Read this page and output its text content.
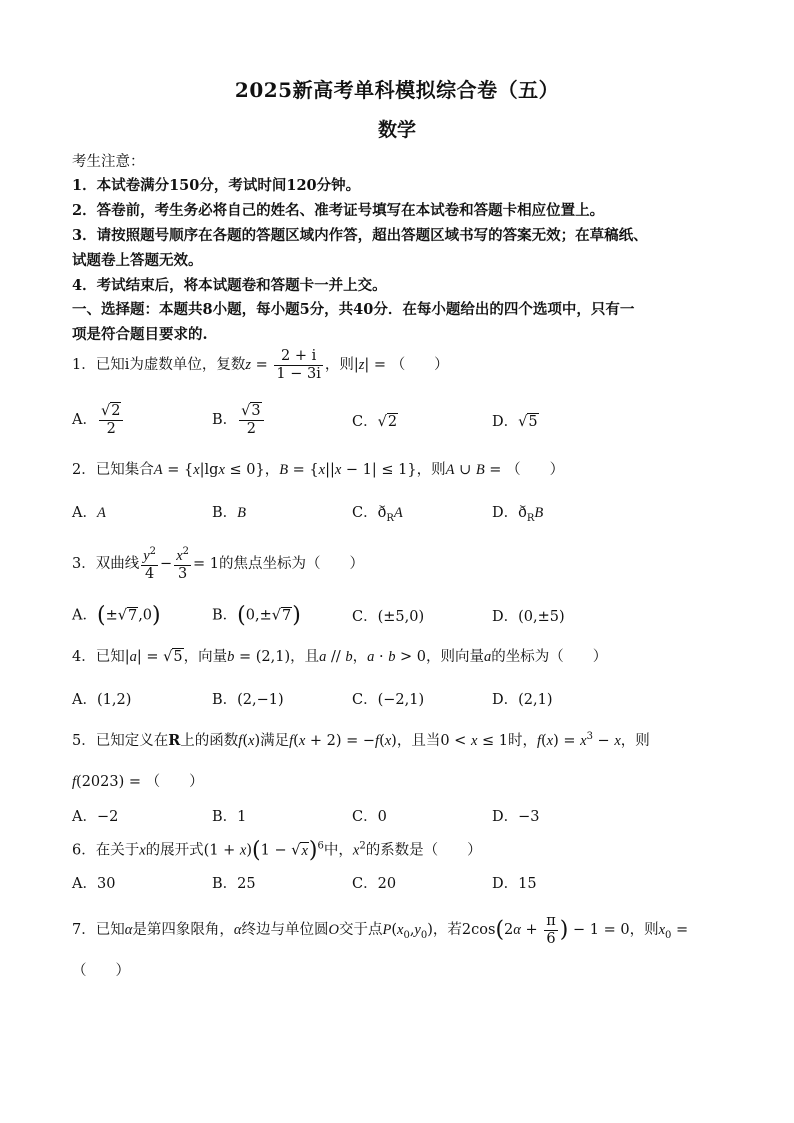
2025新高考单科模拟综合卷（五）
数学
考生注意：
1．本试卷满分150分，考试时间120分钟。
2．答卷前，考生务必将自己的姓名、准考证号填写在本试卷和答题卡相应位置上。
3．请按照题号顺序在各题的答题区域内作答，超出答题区域书写的答案无效；在草稿纸、
试题卷上答题无效。
4．考试结束后，将本试题卷和答题卡一并上交。
一、选择题：本题共8小题，每小题5分，共40分．在每小题给出的四个选项中，只有一
项是符合题目要求的.
1．已知i为虚数单位，复数$z = \frac{2 + i}{1 - 3i}$ ，则|z| = （　　）
A． $\frac{√2}{2}$	B． $\frac{√3}{2}$	C．√2	D．√5
2．已知集合A = {x|lgx ≤ 0}，B = {x||x − 1| ≤ 1}，则A ∪ B = （　　）
A．A	B．B	C．$ð_RA$	D．$ð_RB$
3．双曲线 $\frac{y^2}{4} - \frac{x^2}{3} = 1$的焦点坐标为（　　）
A．(±√7,0)	B．(0,±√7)	C．(±5,0)	D．(0,±5)
4．已知|a| = √5，向量b = (2,1)，且a // b，a · b > 0，则向量a的坐标为（　　）
A．(1,2)	B．(2,−1)	C．(−2,1)	D．(2,1)
5．已知定义在R上的函数f(x)满足f(x + 2) = −f(x)，且当0 < x ≤ 1时，$f(x) = x^3 - x$，则
f(2023) = （　　）
A．−2	B．1	C．0	D．−3
6．在关于x的展开式$(1 + x)(1 - √x)^6$中，$x^2$的系数是（　　）
A．30	B．25	C．20	D．15
7．已知α是第四象限角，α终边与单位圆O交于点$P(x_0,y_0)$，若$2\cos(2\alpha + \frac{\pi}{6}$ ) − 1 = 0，则$x_0$ =
（　　）
